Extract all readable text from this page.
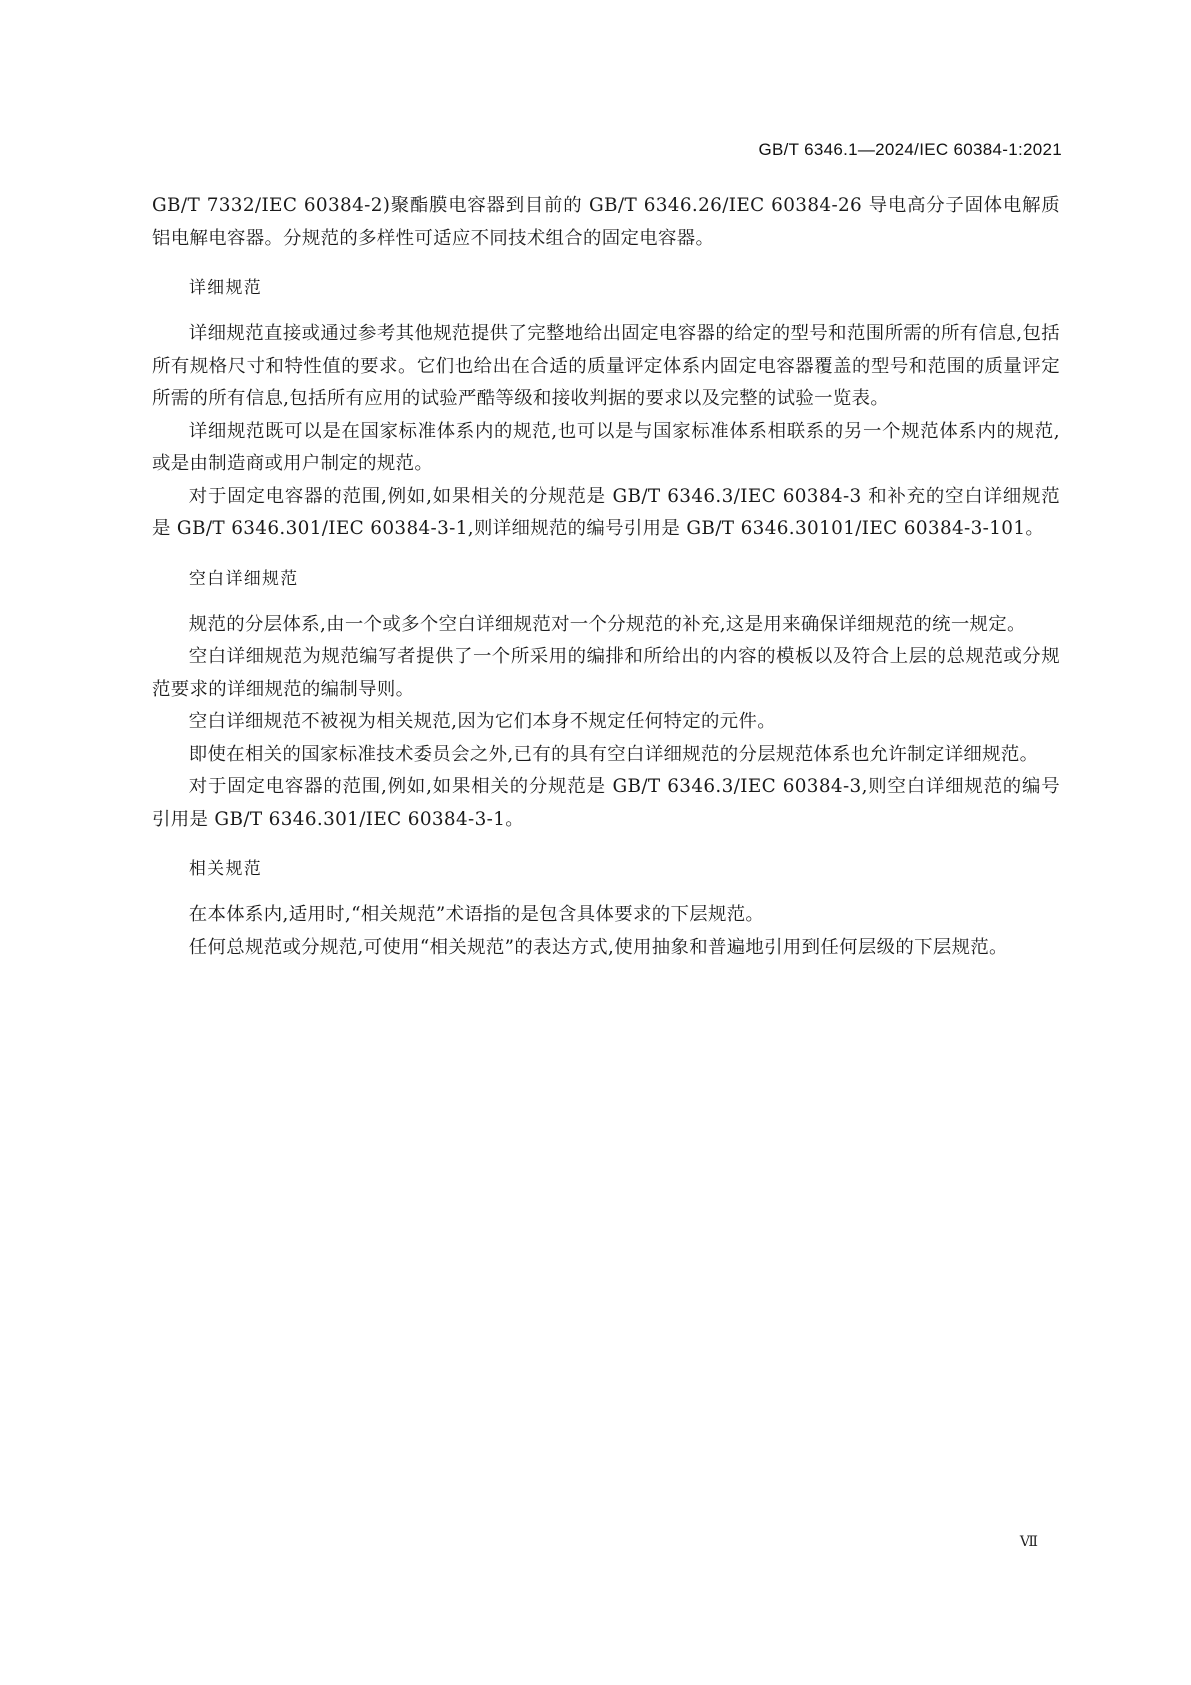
GB/T 6346.1—2024/IEC 60384-1:2021

GB/T 7332/IEC 60384-2)聚酯膜电容器到目前的 GB/T 6346.26/IEC 60384-26 导电高分子固体电解质铝电解电容器。分规范的多样性可适应不同技术组合的固定电容器。

详细规范

详细规范直接或通过参考其他规范提供了完整地给出固定电容器的给定的型号和范围所需的所有信息,包括所有规格尺寸和特性值的要求。它们也给出在合适的质量评定体系内固定电容器覆盖的型号和范围的质量评定所需的所有信息,包括所有应用的试验严酷等级和接收判据的要求以及完整的试验一览表。

详细规范既可以是在国家标准体系内的规范,也可以是与国家标准体系相联系的另一个规范体系内的规范,或是由制造商或用户制定的规范。

对于固定电容器的范围,例如,如果相关的分规范是 GB/T 6346.3/IEC 60384-3 和补充的空白详细规范是 GB/T 6346.301/IEC 60384-3-1,则详细规范的编号引用是 GB/T 6346.30101/IEC 60384-3-101。

空白详细规范

规范的分层体系,由一个或多个空白详细规范对一个分规范的补充,这是用来确保详细规范的统一规定。

空白详细规范为规范编写者提供了一个所采用的编排和所给出的内容的模板以及符合上层的总规范或分规范要求的详细规范的编制导则。

空白详细规范不被视为相关规范,因为它们本身不规定任何特定的元件。

即使在相关的国家标准技术委员会之外,已有的具有空白详细规范的分层规范体系也允许制定详细规范。

对于固定电容器的范围,例如,如果相关的分规范是 GB/T 6346.3/IEC 60384-3,则空白详细规范的编号引用是 GB/T 6346.301/IEC 60384-3-1。

相关规范

在本体系内,适用时,“相关规范”术语指的是包含具体要求的下层规范。

任何总规范或分规范,可使用“相关规范”的表达方式,使用抽象和普遍地引用到任何层级的下层规范。

Ⅶ
